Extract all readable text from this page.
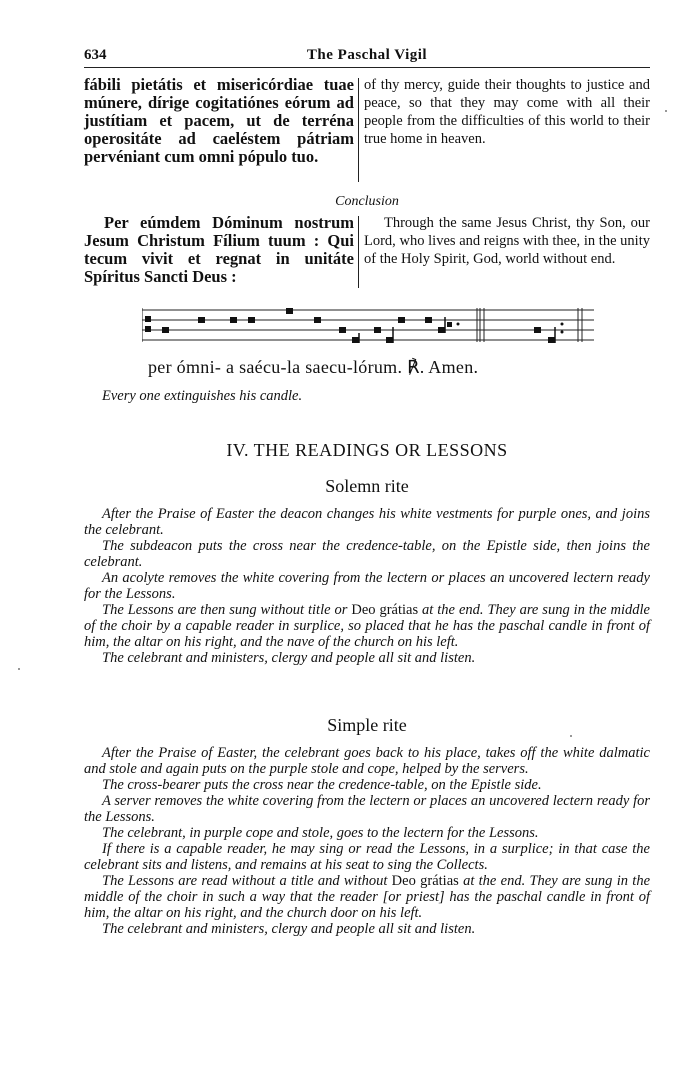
634	The Paschal Vigil
fábili pietátis et misericórdiae tuae múnere, dírige cogitatiónes eórum ad justítiam et pacem, ut de terréna operositáte ad caeléstem pátriam pervéniant cum omni pópulo tuo.
of thy mercy, guide their thoughts to justice and peace, so that they may come with all their people from the difficulties of this world to their true home in heaven.
Conclusion
Per eúmdem Dóminum nostrum Jesum Christum Fílium tuum : Qui tecum vivit et regnat in unitáte Spíritus Sancti Deus :
Through the same Jesus Christ, thy Son, our Lord, who lives and reigns with thee, in the unity of the Holy Spirit, God, world without end.
per ómni- a saécu-la saecu-lórum. ℟. Amen.

Every one extinguishes his candle.

IV. THE READINGS OR LESSONS
Solemn rite

After the Praise of Easter the deacon changes his white vestments for purple ones, and joins the celebrant.

The subdeacon puts the cross near the credence-table, on the Epistle side, then joins the celebrant.

An acolyte removes the white covering from the lectern or places an uncovered lectern ready for the Lessons.

The Lessons are then sung without title or Deo grátias at the end. They are sung in the middle of the choir by a capable reader in surplice, so placed that he has the paschal candle in front of him, the altar on his right, and the nave of the church on his left.

The celebrant and ministers, clergy and people all sit and listen.

Simple rite

After the Praise of Easter, the celebrant goes back to his place, takes off the white dalmatic and stole and again puts on the purple stole and cope, helped by the servers.

The cross-bearer puts the cross near the credence-table, on the Epistle side.

A server removes the white covering from the lectern or places an uncovered lectern ready for the Lessons.

The celebrant, in purple cope and stole, goes to the lectern for the Lessons.

If there is a capable reader, he may sing or read the Lessons, in a surplice; in that case the celebrant sits and listens, and remains at his seat to sing the Collects.

The Lessons are read without a title and without Deo grátias at the end. They are sung in the middle of the choir in such a way that the reader [or priest] has the paschal candle in front of him, the altar on his right, and the church door on his left.

The celebrant and ministers, clergy and people all sit and listen.
